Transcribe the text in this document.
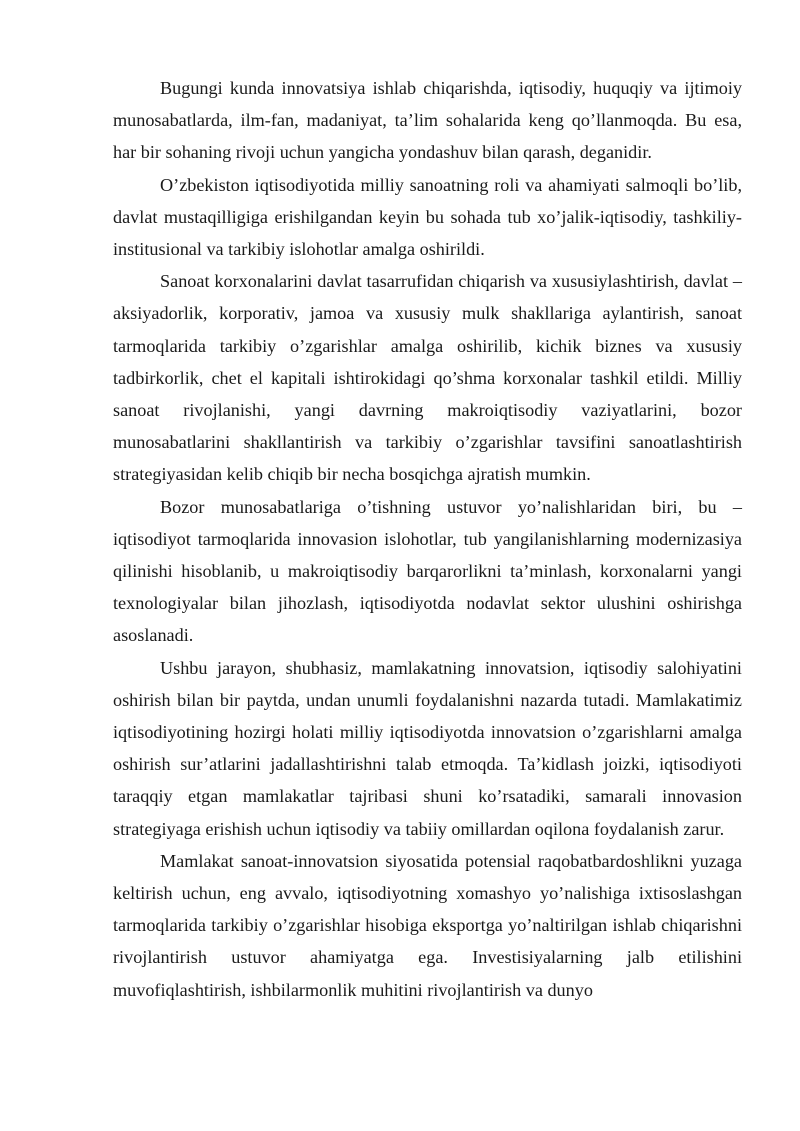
Bugungi kunda innovatsiya ishlab chiqarishda, iqtisodiy, huquqiy va ijtimoiy munosabatlarda, ilm-fan, madaniyat, ta’lim sohalarida keng qo’llanmoqda. Bu esa, har bir sohaning rivoji uchun yangicha yondashuv bilan qarash, deganidir.

O’zbekiston iqtisodiyotida milliy sanoatning roli va ahamiyati salmoqli bo’lib, davlat mustaqilligiga erishilgandan keyin bu sohada tub xo’jalik-iqtisodiy, tashkiliy- institusional va tarkibiy islohotlar amalga oshirildi.

Sanoat korxonalarini davlat tasarrufidan chiqarish va xususiylashtirish, davlat – aksiyadorlik, korporativ, jamoa va xususiy mulk shakllariga aylantirish, sanoat tarmoqlarida tarkibiy o’zgarishlar amalga oshirilib, kichik biznes va xususiy tadbirkorlik, chet el kapitali ishtirokidagi qo’shma korxonalar tashkil etildi. Milliy sanoat rivojlanishi, yangi davrning makroiqtisodiy vaziyatlarini, bozor munosabatlarini shakllantirish va tarkibiy o’zgarishlar tavsifini sanoatlashtirish strategiyasidan kelib chiqib bir necha bosqichga ajratish mumkin.

Bozor munosabatlariga o’tishning ustuvor yo’nalishlaridan biri, bu – iqtisodiyot tarmoqlarida innovasion islohotlar, tub yangilanishlarning modernizasiya qilinishi hisoblanib, u makroiqtisodiy barqarorlikni ta’minlash, korxonalarni yangi texnologiyalar bilan jihozlash, iqtisodiyotda nodavlat sektor ulushini oshirishga asoslanadi.

Ushbu jarayon, shubhasiz, mamlakatning innovatsion, iqtisodiy salohiyatini oshirish bilan bir paytda, undan unumli foydalanishni nazarda tutadi. Mamlakatimiz iqtisodiyotining hozirgi holati milliy iqtisodiyotda innovatsion o’zgarishlarni amalga oshirish sur’atlarini jadallashtirishni talab etmoqda. Ta’kidlash joizki, iqtisodiyoti taraqqiy etgan mamlakatlar tajribasi shuni ko’rsatadiki, samarali innovasion strategiyaga erishish uchun iqtisodiy va tabiiy omillardan oqilona foydalanish zarur.

Mamlakat sanoat-innovatsion siyosatida potensial raqobatbardoshlikni yuzaga keltirish uchun, eng avvalo, iqtisodiyotning xomashyo yo’nalishiga ixtisoslashgan tarmoqlarida tarkibiy o’zgarishlar hisobiga eksportga yo’naltirilgan ishlab chiqarishni rivojlantirish ustuvor ahamiyatga ega. Investisiyalarning jalb etilishini muvofiqlashtirish, ishbilarmonlik muhitini rivojlantirish va dunyo
